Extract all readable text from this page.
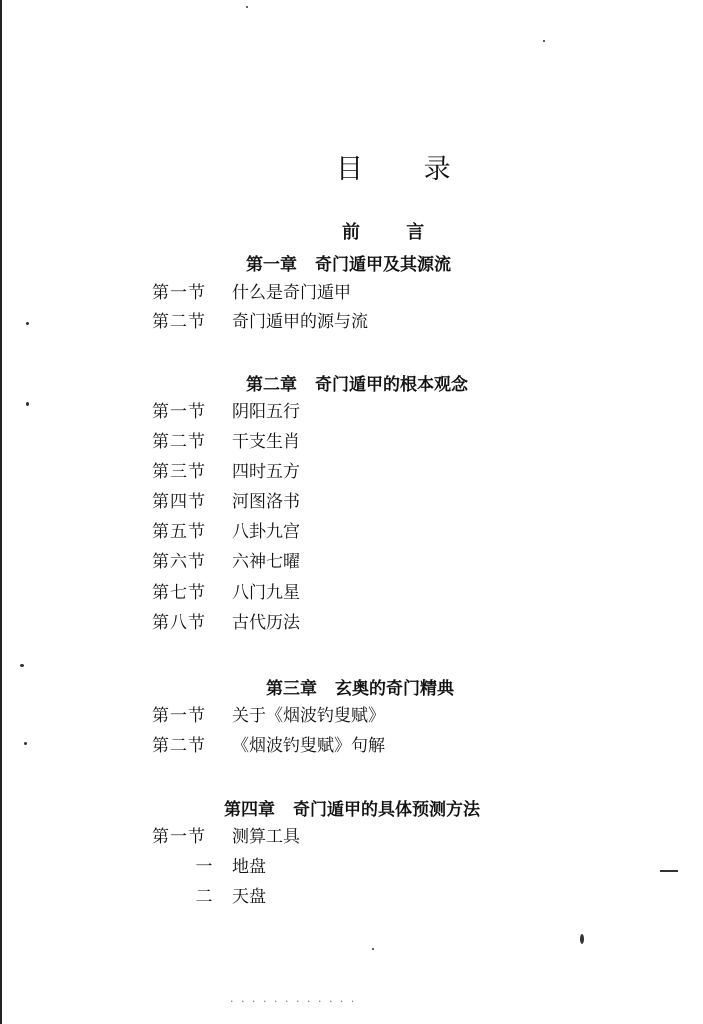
目 录
前 言
第一章 奇门遁甲及其源流
第一节 什么是奇门遁甲
第二节 奇门遁甲的源与流
第二章 奇门遁甲的根本观念
第一节 阴阳五行
第二节 干支生肖
第三节 四时五方
第四节 河图洛书
第五节 八卦九宫
第六节 六神七曜
第七节 八门九星
第八节 古代历法
第三章 玄奥的奇门精典
第一节 关于《烟波钓叟赋》
第二节 《烟波钓叟赋》句解
第四章 奇门遁甲的具体预测方法
第一节 测算工具
一 地盘
二 天盘
· · · · · · · · · · · ·
